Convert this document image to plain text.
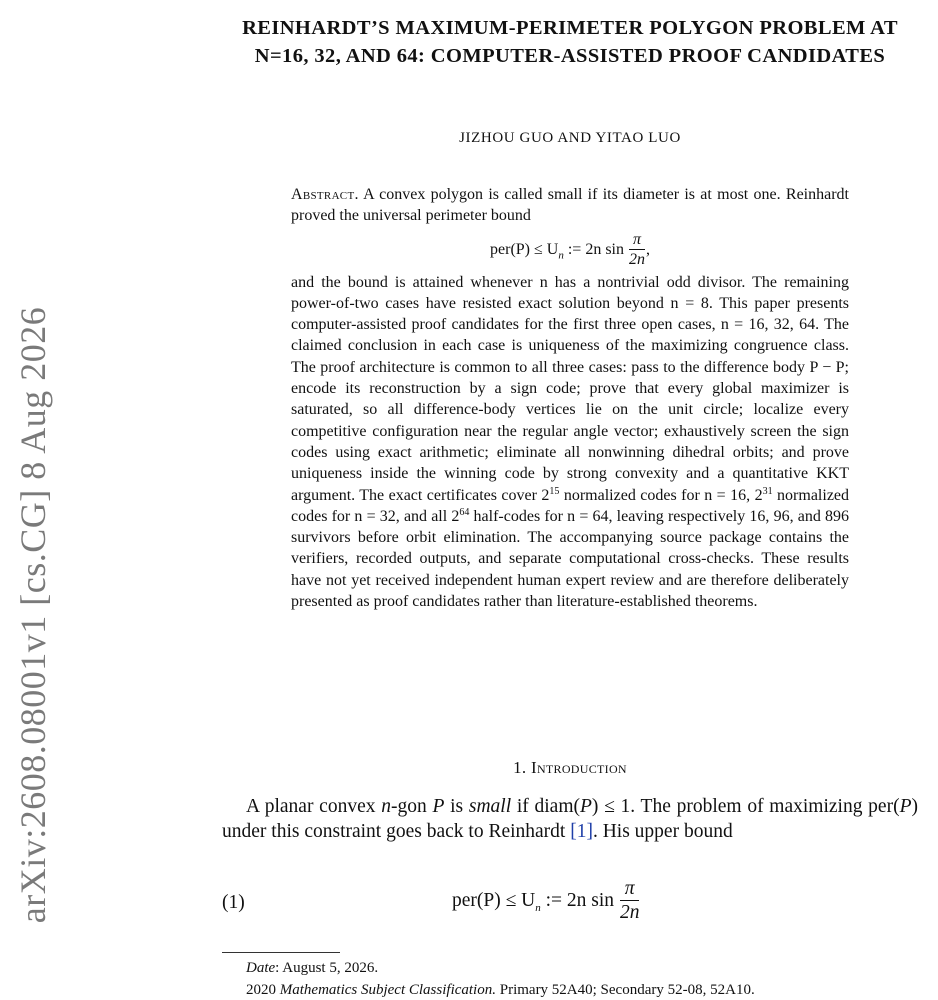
arXiv:2608.08001v1 [cs.CG] 8 Aug 2026
REINHARDT’S MAXIMUM-PERIMETER POLYGON PROBLEM AT N=16, 32, AND 64: COMPUTER-ASSISTED PROOF CANDIDATES
JIZHOU GUO AND YITAO LUO
Abstract. A convex polygon is called small if its diameter is at most one. Reinhardt proved the universal perimeter bound
$per(P) \le U_n$ := 2n $\sin \frac{\pi}{2n}$ ,
and the bound is attained whenever n has a nontrivial odd divisor. The remaining power-of-two cases have resisted exact solution beyond n = 8. This paper presents computer-assisted proof candidates for the first three open cases, n = 16, 32, 64. The claimed conclusion in each case is uniqueness of the maximizing congruence class. The proof architecture is common to all three cases: pass to the difference body P − P; encode its reconstruction by a sign code; prove that every global maximizer is saturated, so all difference-body vertices lie on the unit circle; localize every competitive configuration near the regular angle vector; exhaustively screen the sign codes using exact arithmetic; eliminate all nonwinning dihedral orbits; and prove uniqueness inside the winning code by strong convexity and a quantitative KKT argument. The exact certificates cover $2^{15}$ normalized codes for n = 16, $2^{31}$ normalized codes for n = 32, and all $2^{64}$ half-codes for n = 64, leaving respectively 16, 96, and 896 survivors before orbit elimination. The accompanying source package contains the verifiers, recorded outputs, and separate computational cross-checks. These results have not yet received independent human expert review and are therefore deliberately presented as proof candidates rather than literature-established theorems.
1. Introduction

A planar convex n-gon P is small if diam(P) ≤ 1. The problem of maximizing per(P) under this constraint goes back to Reinhardt [1]. His upper bound

(1)	$per(P) \le U_n$ := 2n $\sin \frac{\pi}{2n}$
Date: August 5, 2026.
2020 Mathematics Subject Classification. Primary 52A40; Secondary 52-08, 52A10.
